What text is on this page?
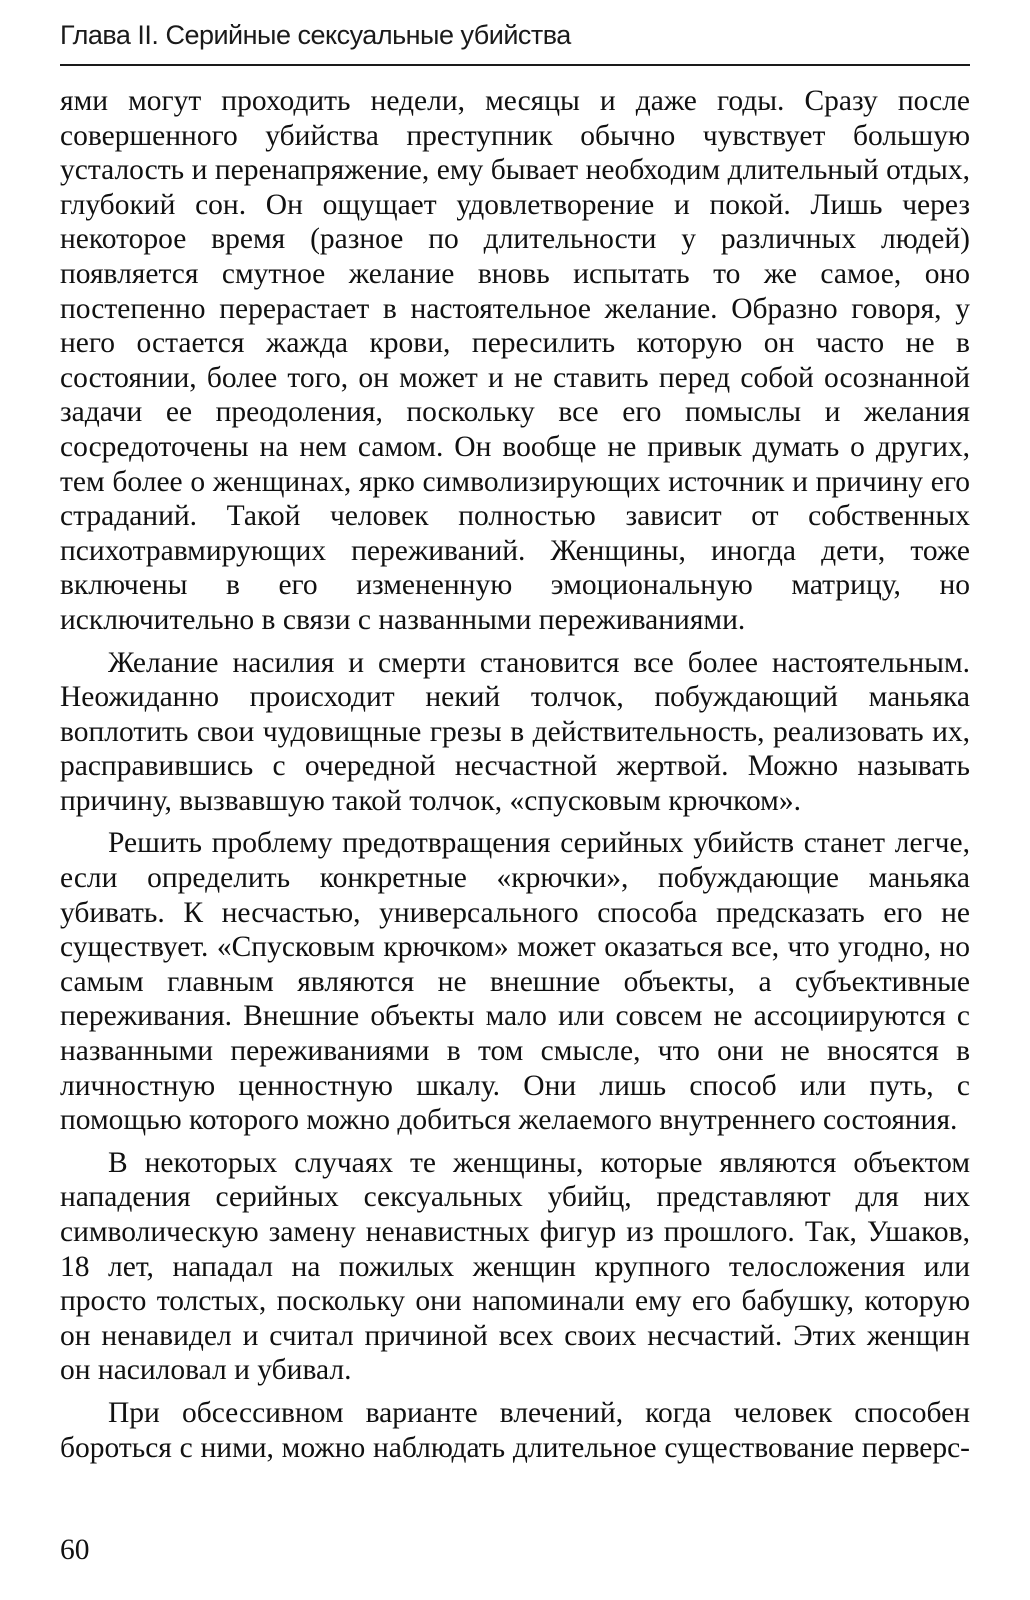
Глава II. Серийные сексуальные убийства

ями могут проходить недели, месяцы и даже годы. Сразу после совершенного убийства преступник обычно чувствует большую усталость и перенапряжение, ему бывает необходим длительный отдых, глубокий сон. Он ощущает удовлетворение и покой. Лишь через некоторое время (разное по длительности у различных людей) появляется смутное желание вновь испытать то же самое, оно постепенно перерастает в настоятельное желание. Образно говоря, у него остается жажда крови, пересилить которую он часто не в состоянии, более того, он может и не ставить перед собой осознанной задачи ее преодоления, поскольку все его помыслы и желания сосредоточены на нем самом. Он вообще не привык думать о других, тем более о женщинах, ярко символизирующих источник и причину его страданий. Такой человек полностью зависит от собственных психотравмирующих переживаний. Женщины, иногда дети, тоже включены в его измененную эмоциональную матрицу, но исключительно в связи с названными переживаниями.

Желание насилия и смерти становится все более настоятельным. Неожиданно происходит некий толчок, побуждающий маньяка воплотить свои чудовищные грезы в действительность, реализовать их, расправившись с очередной несчастной жертвой. Можно называть причину, вызвавшую такой толчок, «спусковым крючком».

Решить проблему предотвращения серийных убийств станет легче, если определить конкретные «крючки», побуждающие маньяка убивать. К несчастью, универсального способа предсказать его не существует. «Спусковым крючком» может оказаться все, что угодно, но самым главным являются не внешние объекты, а субъективные переживания. Внешние объекты мало или совсем не ассоциируются с названными переживаниями в том смысле, что они не вносятся в личностную ценностную шкалу. Они лишь способ или путь, с помощью которого можно добиться желаемого внутреннего состояния.

В некоторых случаях те женщины, которые являются объектом нападения серийных сексуальных убийц, представляют для них символическую замену ненавистных фигур из прошлого. Так, Ушаков, 18 лет, нападал на пожилых женщин крупного телосложения или просто толстых, поскольку они напоминали ему его бабушку, которую он ненавидел и считал причиной всех своих несчастий. Этих женщин он насиловал и убивал.

При обсессивном варианте влечений, когда человек способен бороться с ними, можно наблюдать длительное существование перверс-

60
